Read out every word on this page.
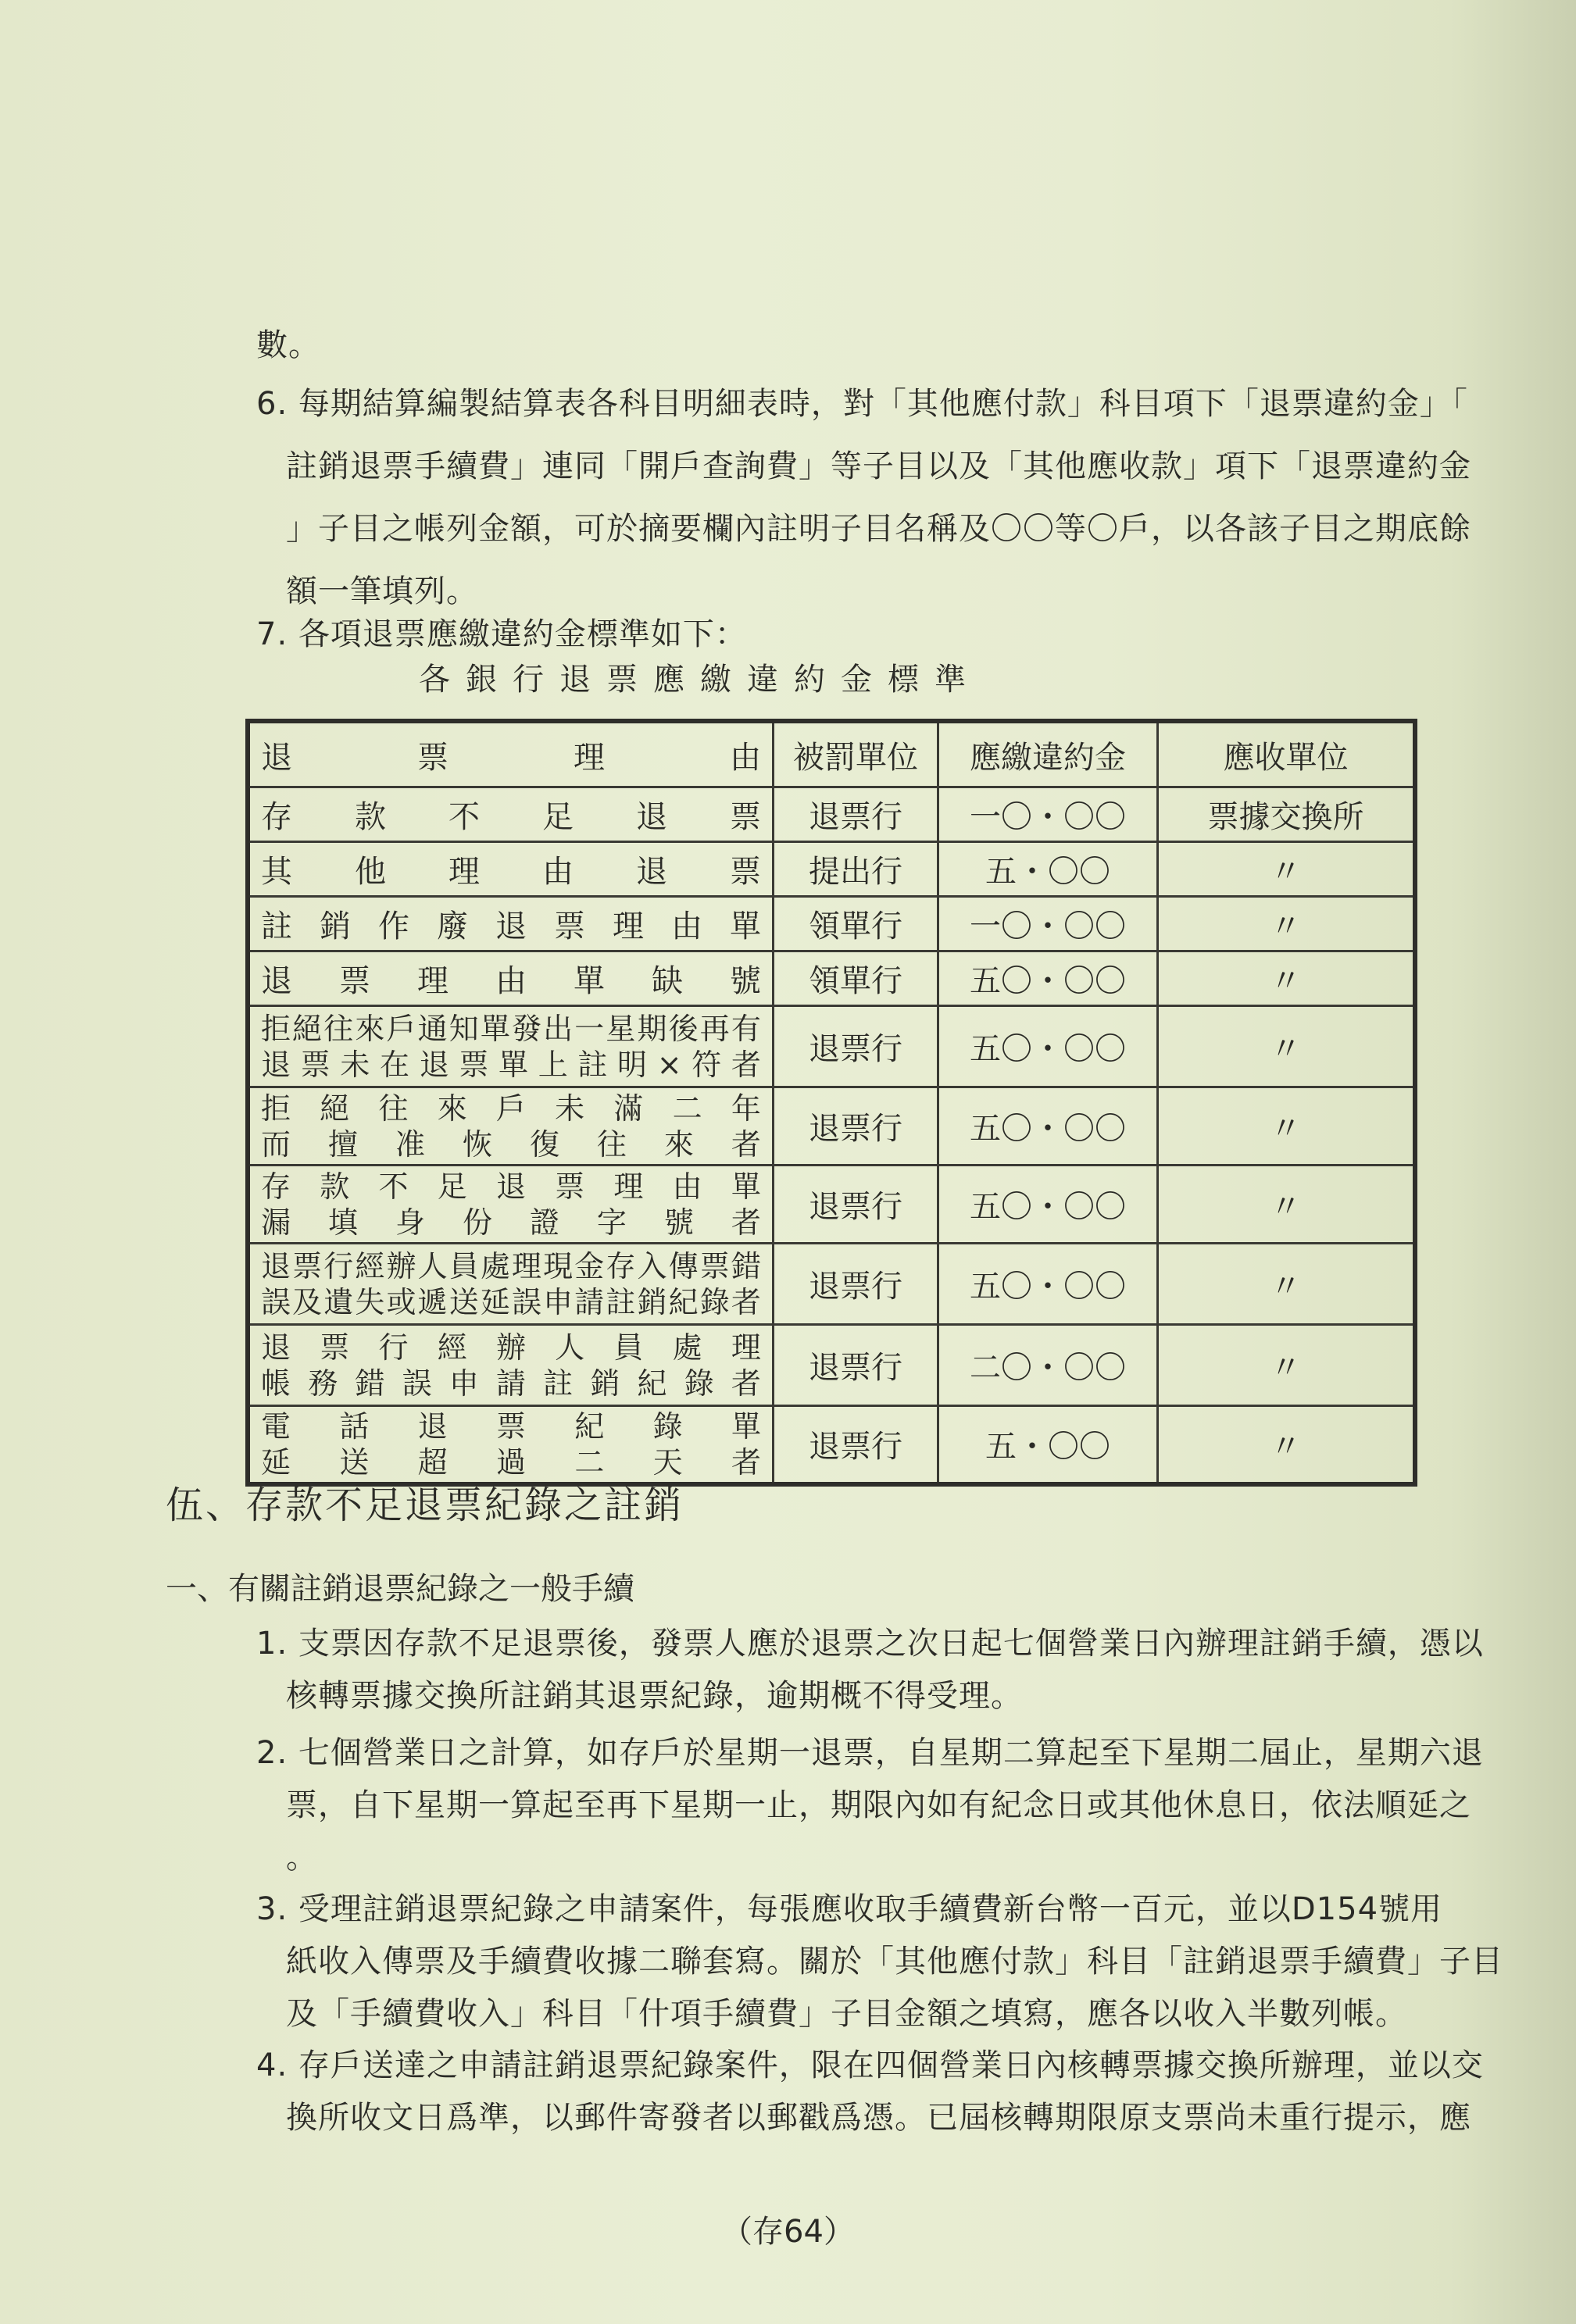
數。
6. 每期結算編製結算表各科目明細表時，對「其他應付款」科目項下「退票違約金」「
註銷退票手續費」連同「開戶查詢費」等子目以及「其他應收款」項下「退票違約金
」子目之帳列金額，可於摘要欄內註明子目名稱及〇〇等〇戶，以各該子目之期底餘
額一筆填列。
7. 各項退票應繳違約金標準如下：
各銀行退票應繳違約金標準
退 票 理 由	被罰單位	應繳違約金	應收單位

存 款 不 足 退 票	退票行	一〇・〇〇	票據交換所

其 他 理 由 退 票	提出行	五・〇〇	〃

註 銷 作 廢 退 票 理 由 單	領單行	一〇・〇〇	〃

退 票 理 由 單 缺 號	領單行	五〇・〇〇	〃

拒 絕 往 來 戶 通 知 單 發 出 一 星 期 後 再 有
退 票 未 在 退 票 單 上 註 明 × 符 者	退票行	五〇・〇〇	〃

拒 絕 往 來 戶 未 滿 二 年
而 擅 准 恢 復 往 來 者	退票行	五〇・〇〇	〃

存 款 不 足 退 票 理 由 單
漏 填 身 份 證 字 號 者	退票行	五〇・〇〇	〃

退 票 行 經 辦 人 員 處 理 現 金 存 入 傳 票 錯
誤 及 遺 失 或 遞 送 延 誤 申 請 註 銷 紀 錄 者	退票行	五〇・〇〇	〃

退 票 行 經 辦 人 員 處 理
帳 務 錯 誤 申 請 註 銷 紀 錄 者	退票行	二〇・〇〇	〃

電 話 退 票 紀 錄 單
延 送 超 過 二 天 者	退票行	五・〇〇	〃
伍、存款不足退票紀錄之註銷
一、有關註銷退票紀錄之一般手續
1. 支票因存款不足退票後，發票人應於退票之次日起七個營業日內辦理註銷手續，憑以
核轉票據交換所註銷其退票紀錄，逾期概不得受理。
2. 七個營業日之計算，如存戶於星期一退票，自星期二算起至下星期二屆止，星期六退
票，自下星期一算起至再下星期一止，期限內如有紀念日或其他休息日，依法順延之
。
3. 受理註銷退票紀錄之申請案件，每張應收取手續費新台幣一百元，並以D154號用
紙收入傳票及手續費收據二聯套寫。關於「其他應付款」科目「註銷退票手續費」子目
及「手續費收入」科目「什項手續費」子目金額之填寫，應各以收入半數列帳。
4. 存戶送達之申請註銷退票紀錄案件，限在四個營業日內核轉票據交換所辦理，並以交
換所收文日爲準，以郵件寄發者以郵戳爲憑。已屆核轉期限原支票尚未重行提示，應
（存64）
